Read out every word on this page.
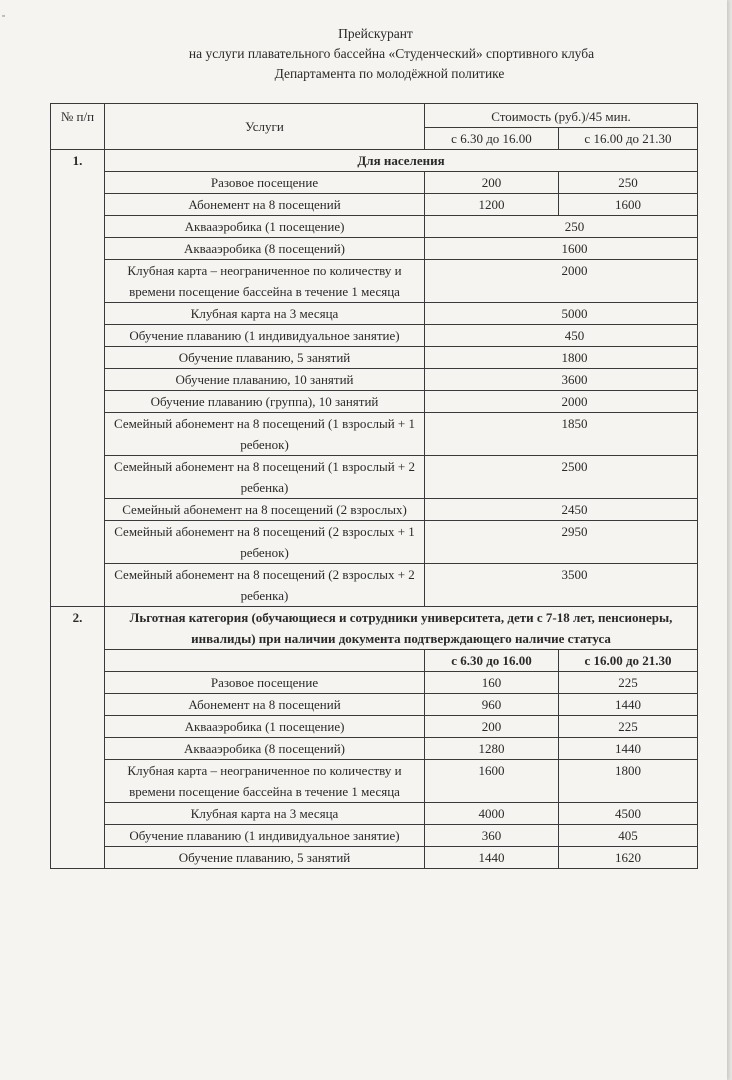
≈
Прейскурант
на услуги плавательного бассейна «Студенческий» спортивного клуба
Департамента по молодёжной политике
№ п/п	Услуги	Стоимость (руб.)/45 мин.	
		с 6.30 до 16.00	с 16.00 до 21.30
1.	Для населения		
	Разовое посещение	200	250
	Абонемент на 8 посещений	1200	1600
	Аквааэробика (1 посещение)	250	
	Аквааэробика (8 посещений)	1600	
	Клубная карта – неограниченное по количеству и времени посещение бассейна в течение 1 месяца	2000	
	Клубная карта на 3 месяца	5000	
	Обучение плаванию (1 индивидуальное занятие)	450	
	Обучение плаванию, 5 занятий	1800	
	Обучение плаванию, 10 занятий	3600	
	Обучение плаванию (группа), 10 занятий	2000	
	Семейный абонемент на 8 посещений (1 взрослый + 1 ребенок)	1850	
	Семейный абонемент на 8 посещений (1 взрослый + 2 ребенка)	2500	
	Семейный абонемент на 8 посещений (2 взрослых)	2450	
	Семейный абонемент на 8 посещений (2 взрослых + 1 ребенок)	2950	
	Семейный абонемент на 8 посещений (2 взрослых + 2 ребенка)	3500	
2.	Льготная категория (обучающиеся и сотрудники университета, дети с 7-18 лет, пенсионеры, инвалиды) при наличии документа подтверждающего наличие статуса		
		с 6.30 до 16.00	с 16.00 до 21.30
	Разовое посещение	160	225
	Абонемент на 8 посещений	960	1440
	Аквааэробика (1 посещение)	200	225
	Аквааэробика (8 посещений)	1280	1440
	Клубная карта – неограниченное по количеству и времени посещение бассейна в течение 1 месяца	1600	1800
	Клубная карта на 3 месяца	4000	4500
	Обучение плаванию (1 индивидуальное занятие)	360	405
	Обучение плаванию, 5 занятий	1440	1620
